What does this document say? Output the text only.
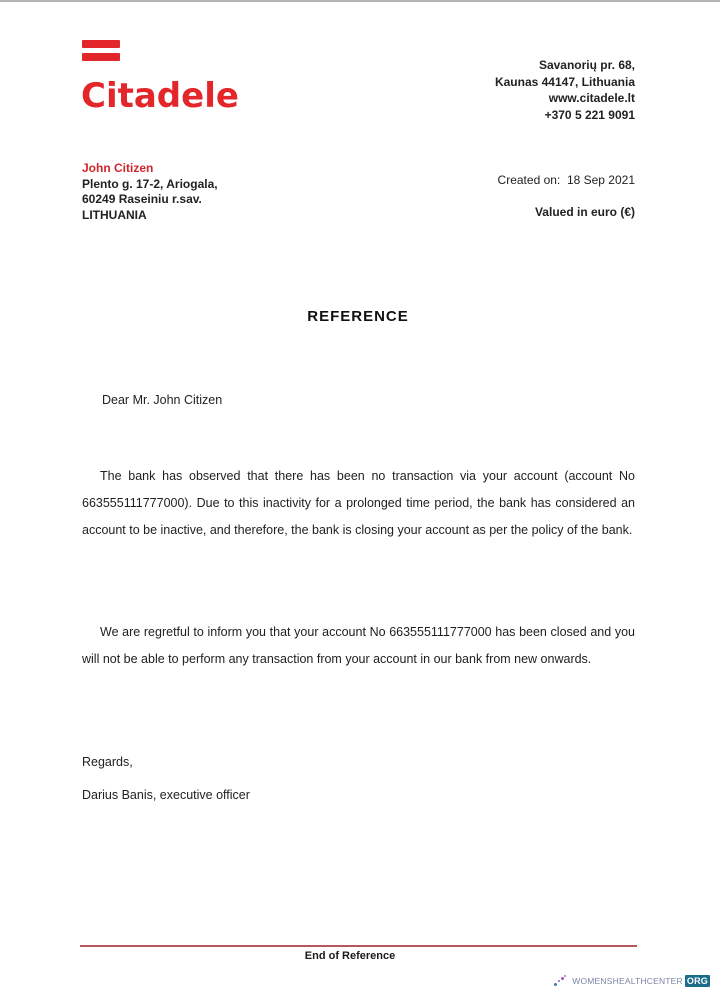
Citadele
Savanorių pr. 68,
Kaunas 44147, Lithuania
www.citadele.lt
+370 5 221 9091
John Citizen
Plento g. 17-2, Ariogala,
60249 Raseiniu r.sav.
LITHUANIA
Created on: 18 Sep 2021
Valued in euro (€)
REFERENCE
Dear Mr. John Citizen
The bank has observed that there has been no transaction via your account (account No 663555111777000). Due to this inactivity for a prolonged time period, the bank has considered an account to be inactive, and therefore, the bank is closing your account as per the policy of the bank.
We are regretful to inform you that your account No 663555111777000 has been closed and you will not be able to perform any transaction from your account in our bank from new onwards.
Regards,
Darius Banis, executive officer
End of Reference
WOMENSHEALTHCENTER ORG
